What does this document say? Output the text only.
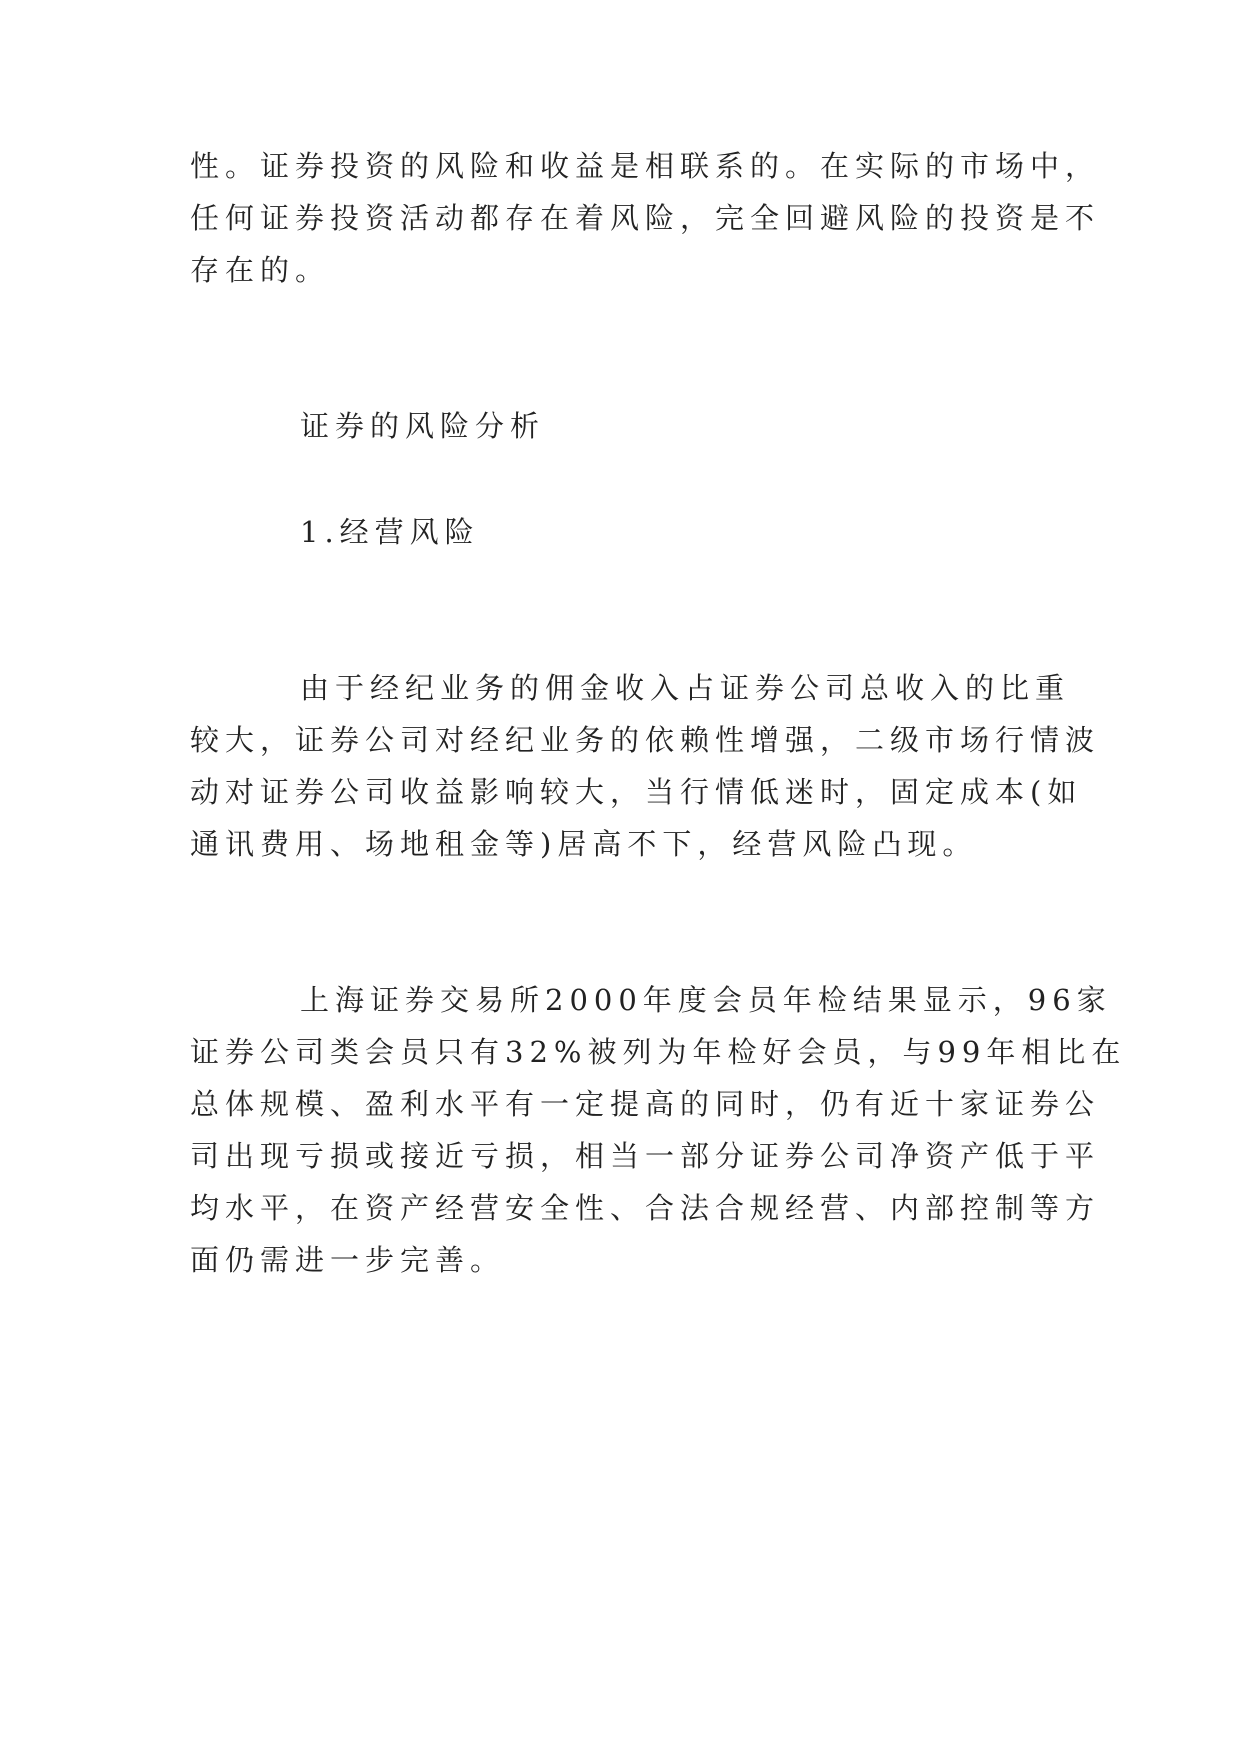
性。证券投资的风险和收益是相联系的。在实际的市场中，
任何证券投资活动都存在着风险，完全回避风险的投资是不
存在的。
证券的风险分析
1.经营风险
由于经纪业务的佣金收入占证券公司总收入的比重
较大，证券公司对经纪业务的依赖性增强，二级市场行情波
动对证券公司收益影响较大，当行情低迷时，固定成本(如
通讯费用、场地租金等)居高不下，经营风险凸现。
上海证券交易所2000年度会员年检结果显示，96家
证券公司类会员只有32%被列为年检好会员，与99年相比在
总体规模、盈利水平有一定提高的同时，仍有近十家证券公
司出现亏损或接近亏损，相当一部分证券公司净资产低于平
均水平，在资产经营安全性、合法合规经营、内部控制等方
面仍需进一步完善。
